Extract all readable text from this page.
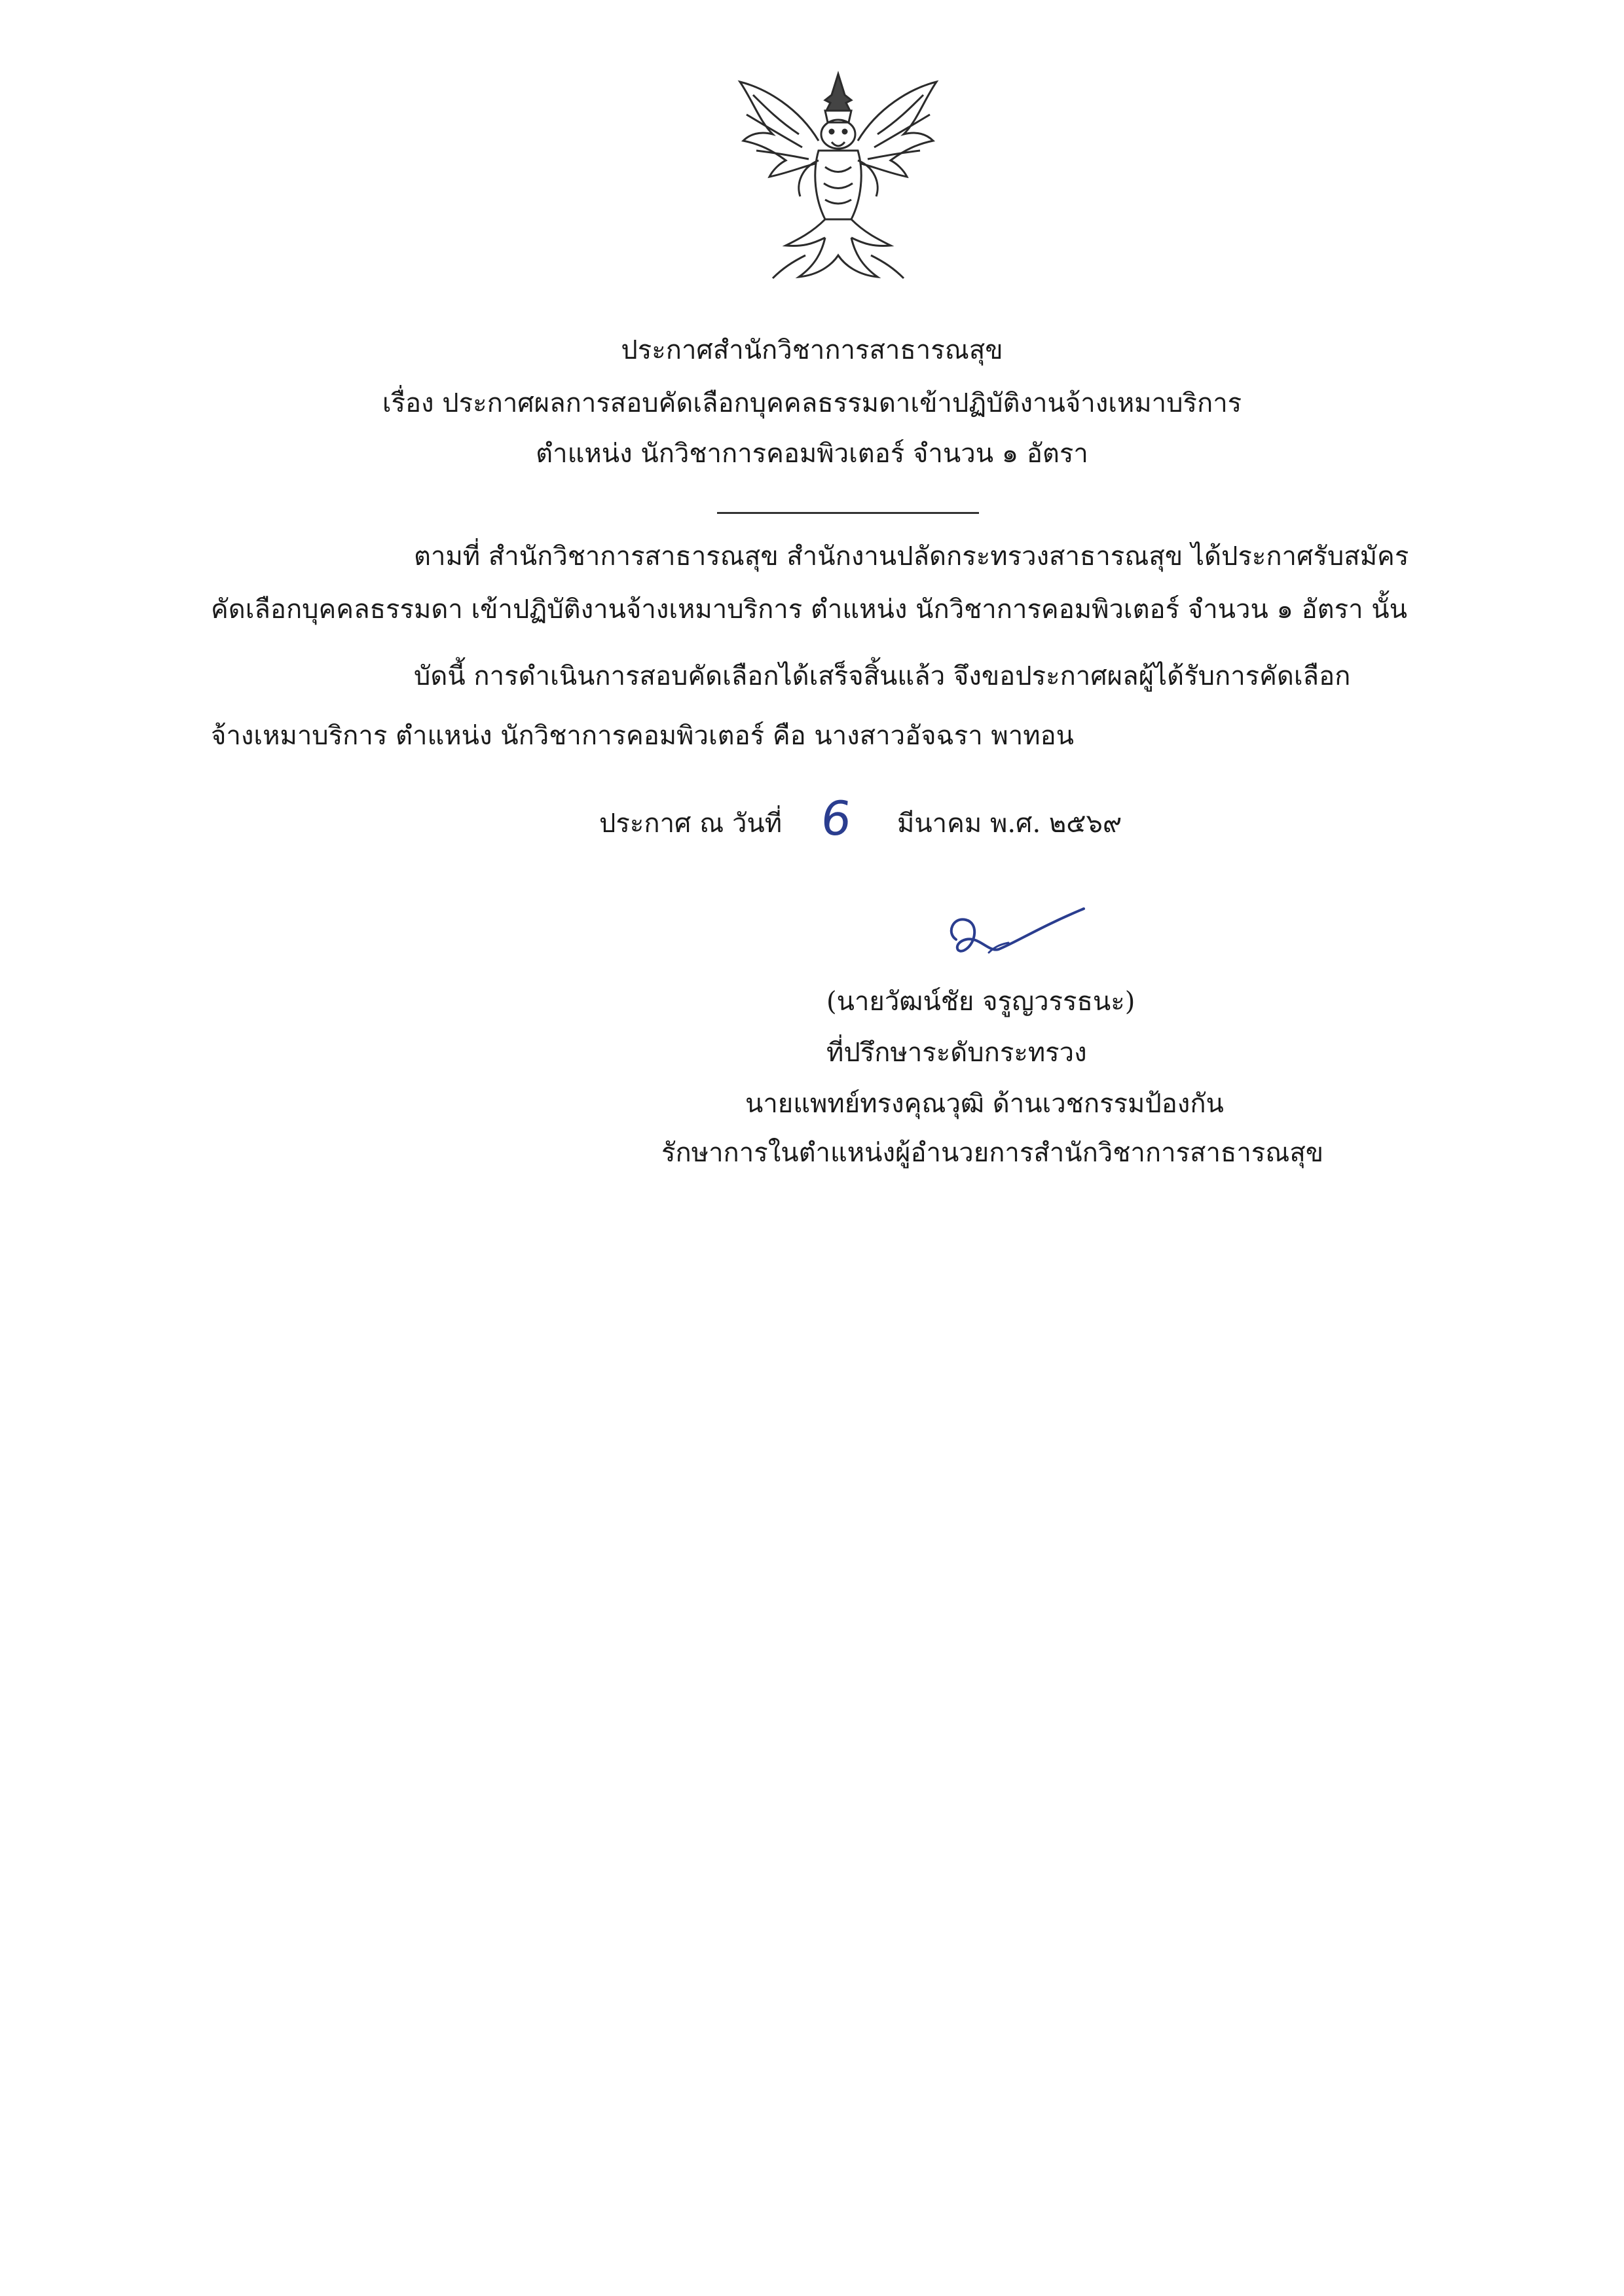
ประกาศสำนักวิชาการสาธารณสุข
เรื่อง ประกาศผลการสอบคัดเลือกบุคคลธรรมดาเข้าปฏิบัติงานจ้างเหมาบริการ
ตำแหน่ง นักวิชาการคอมพิวเตอร์ จำนวน ๑ อัตรา
ตามที่ สำนักวิชาการสาธารณสุข สำนักงานปลัดกระทรวงสาธารณสุข ได้ประกาศรับสมัคร
คัดเลือกบุคคลธรรมดา เข้าปฏิบัติงานจ้างเหมาบริการ ตำแหน่ง นักวิชาการคอมพิวเตอร์ จำนวน ๑ อัตรา นั้น
บัดนี้ การดำเนินการสอบคัดเลือกได้เสร็จสิ้นแล้ว จึงขอประกาศผลผู้ได้รับการคัดเลือก
จ้างเหมาบริการ ตำแหน่ง นักวิชาการคอมพิวเตอร์ คือ นางสาวอัจฉรา พาทอน
ประกาศ ณ วันที่ 6 มีนาคม พ.ศ. ๒๕๖๙
(นายวัฒน์ชัย จรูญวรรธนะ)
ที่ปรึกษาระดับกระทรวง
นายแพทย์ทรงคุณวุฒิ ด้านเวชกรรมป้องกัน
รักษาการในตำแหน่งผู้อำนวยการสำนักวิชาการสาธารณสุข
